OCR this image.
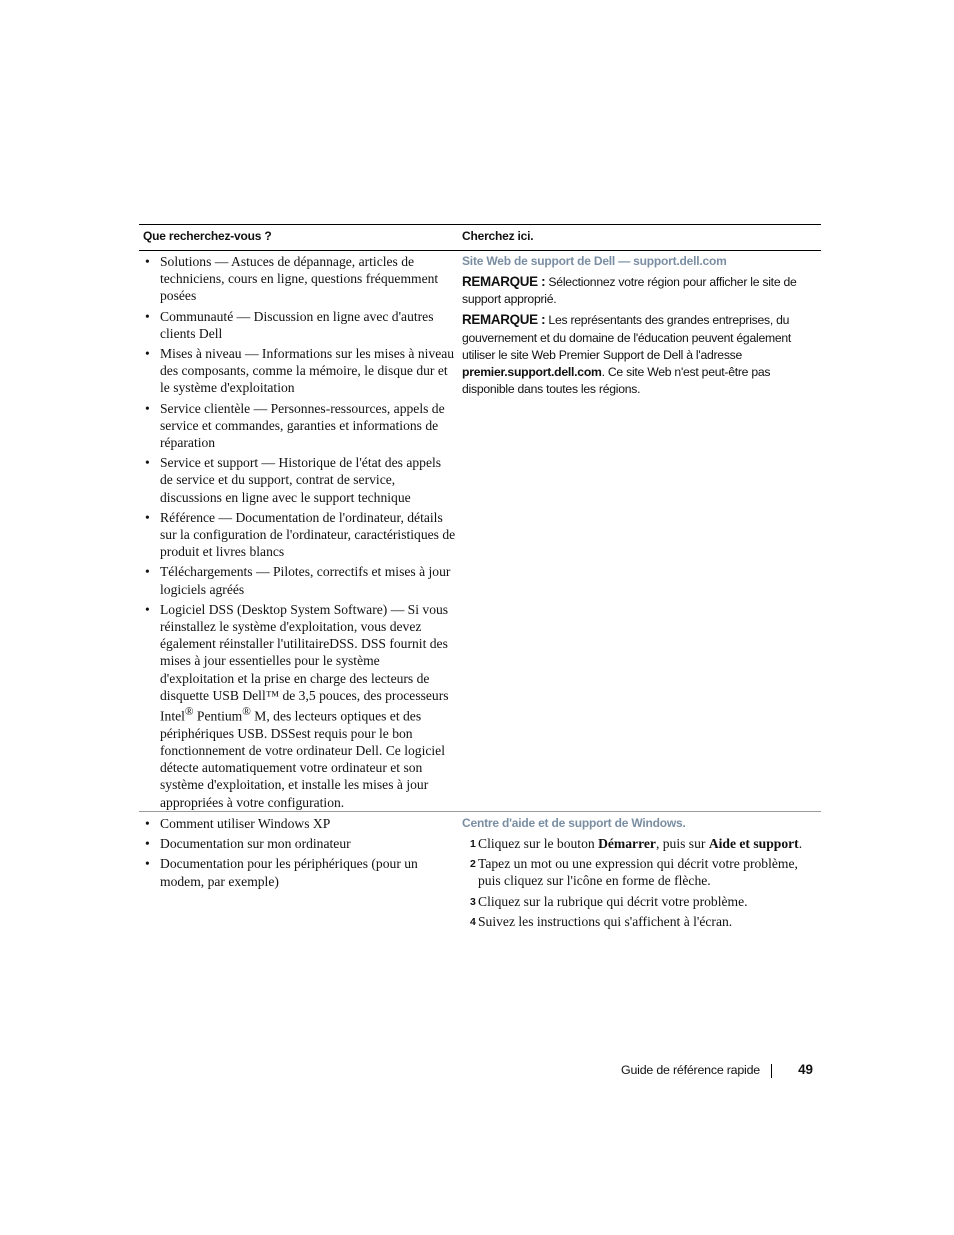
Que recherchez-vous ?	Cherchez ici.
• Solutions — Astuces de dépannage, articles de techniciens, cours en ligne, questions fréquemment posées
• Communauté — Discussion en ligne avec d'autres clients Dell
• Mises à niveau — Informations sur les mises à niveau des composants, comme la mémoire, le disque dur et le système d'exploitation
• Service clientèle — Personnes-ressources, appels de service et commandes, garanties et informations de réparation
• Service et support — Historique de l'état des appels de service et du support, contrat de service, discussions en ligne avec le support technique
• Référence — Documentation de l'ordinateur, détails sur la configuration de l'ordinateur, caractéristiques de produit et livres blancs
• Téléchargements — Pilotes, correctifs et mises à jour logiciels agréés
• Logiciel DSS (Desktop System Software) — Si vous réinstallez le système d'exploitation, vous devez également réinstaller l'utilitaireDSS. DSS fournit des mises à jour essentielles pour le système d'exploitation et la prise en charge des lecteurs de disquette USB Dell™ de 3,5 pouces, des processeurs Intel® Pentium® M, des lecteurs optiques et des périphériques USB. DSSest requis pour le bon fonctionnement de votre ordinateur Dell. Ce logiciel détecte automatiquement votre ordinateur et son système d'exploitation, et installe les mises à jour appropriées à votre configuration.
Site Web de support de Dell — support.dell.com
REMARQUE : Sélectionnez votre région pour afficher le site de support approprié.
REMARQUE : Les représentants des grandes entreprises, du gouvernement et du domaine de l'éducation peuvent également utiliser le site Web Premier Support de Dell à l'adresse premier.support.dell.com. Ce site Web n'est peut-être pas disponible dans toutes les régions.
• Comment utiliser Windows XP
• Documentation sur mon ordinateur
• Documentation pour les périphériques (pour un modem, par exemple)
Centre d'aide et de support de Windows.
1 Cliquez sur le bouton Démarrer, puis sur Aide et support.
2 Tapez un mot ou une expression qui décrit votre problème, puis cliquez sur l'icône en forme de flèche.
3 Cliquez sur la rubrique qui décrit votre problème.
4 Suivez les instructions qui s'affichent à l'écran.
Guide de référence rapide	49
